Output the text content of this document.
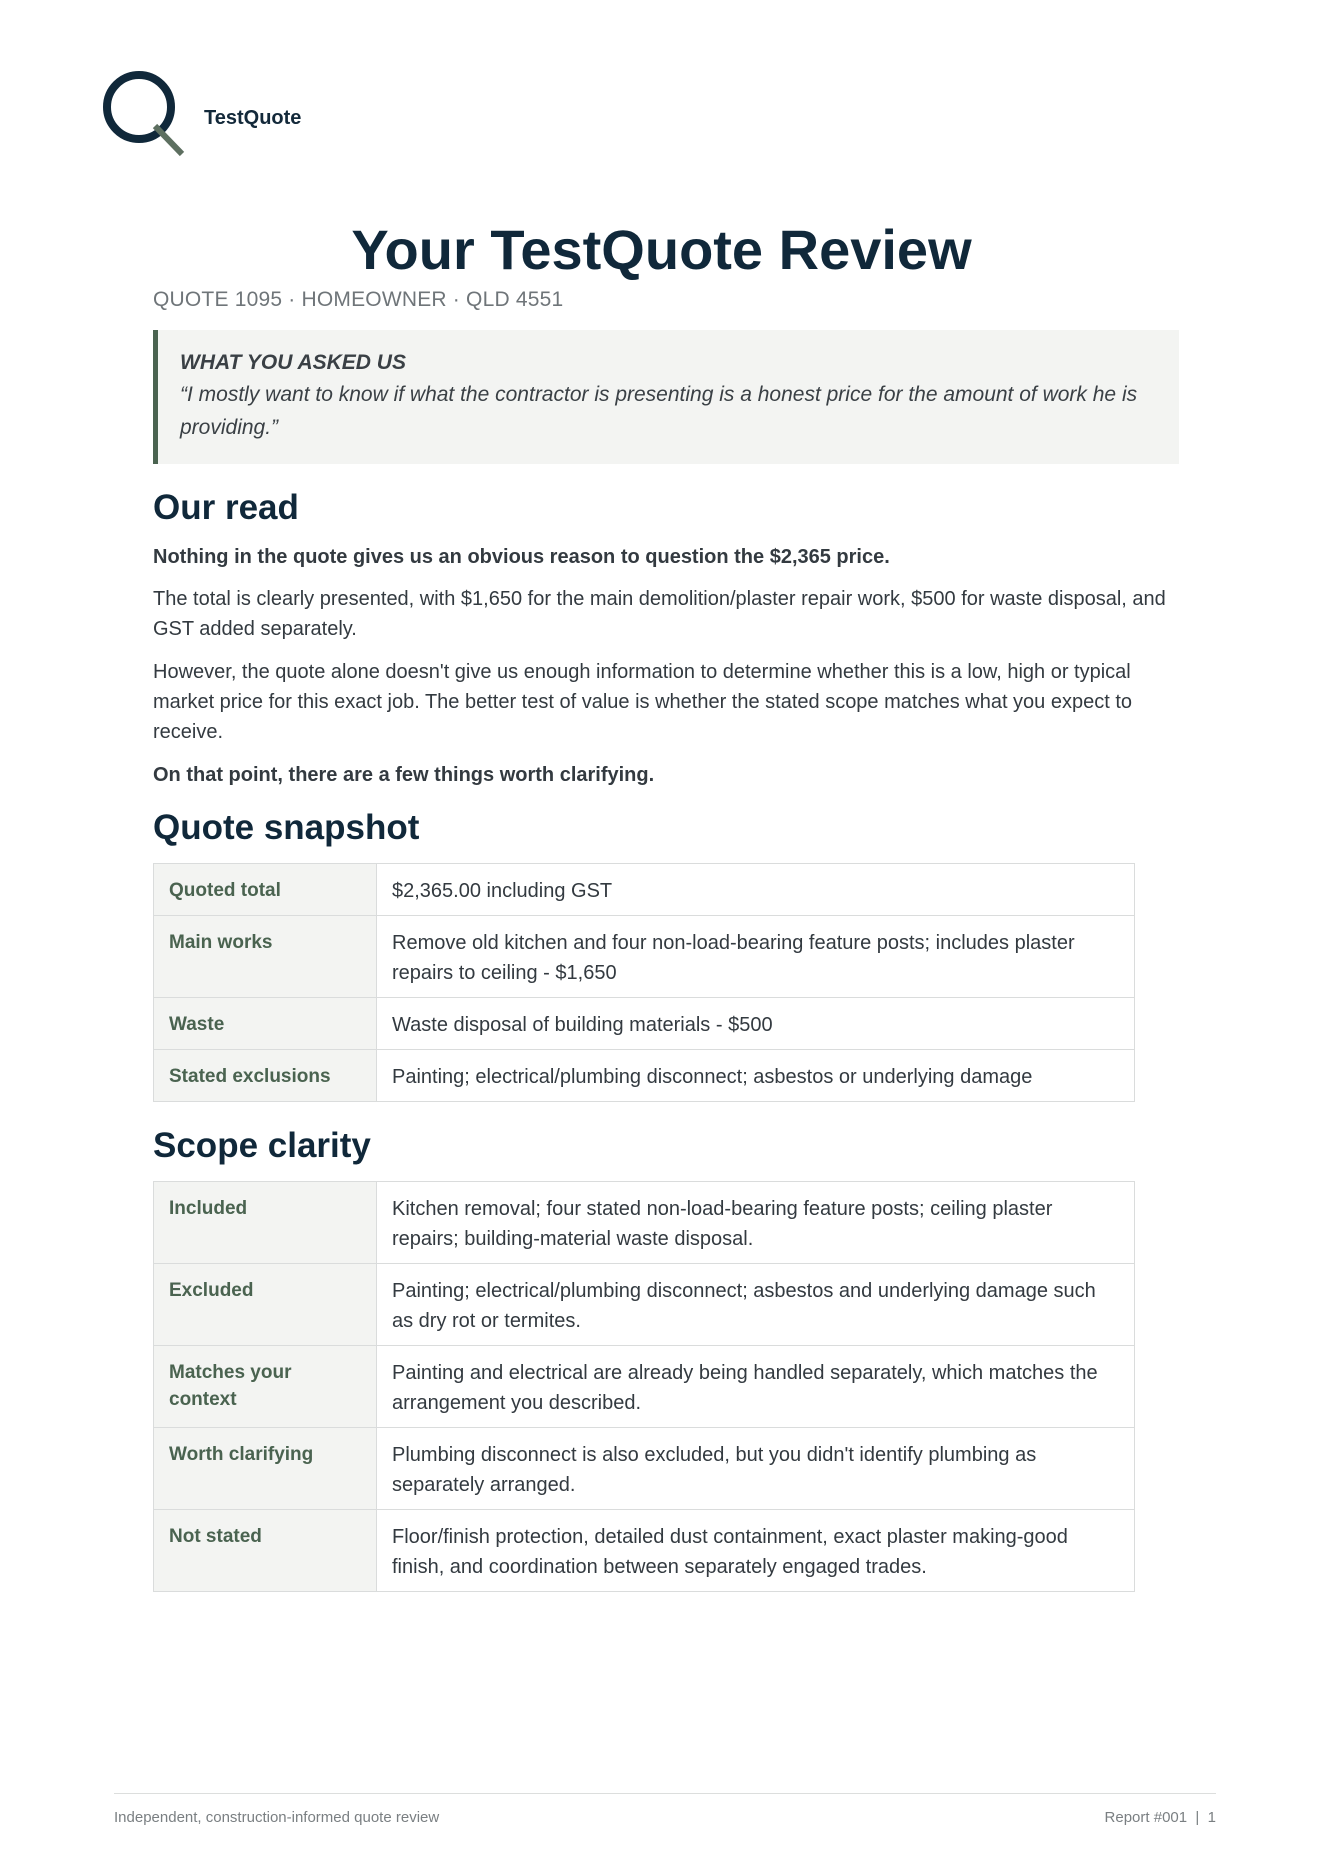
TestQuote
Your TestQuote Review
QUOTE 1095 · HOMEOWNER · QLD 4551
WHAT YOU ASKED US
“I mostly want to know if what the contractor is presenting is a honest price for the amount of work he is providing.”
Our read

Nothing in the quote gives us an obvious reason to question the $2,365 price.

The total is clearly presented, with $1,650 for the main demolition/plaster repair work, $500 for waste disposal, and GST added separately.

However, the quote alone doesn't give us enough information to determine whether this is a low, high or typical market price for this exact job. The better test of value is whether the stated scope matches what you expect to receive.

On that point, there are a few things worth clarifying.

Quote snapshot
Quoted total	$2,365.00 including GST
Main works	Remove old kitchen and four non-load-bearing feature posts; includes plaster repairs to ceiling - $1,650
Waste	Waste disposal of building materials - $500
Stated exclusions	Painting; electrical/plumbing disconnect; asbestos or underlying damage
Scope clarity
Included	Kitchen removal; four stated non-load-bearing feature posts; ceiling plaster repairs; building-material waste disposal.
Excluded	Painting; electrical/plumbing disconnect; asbestos and underlying damage such as dry rot or termites.
Matches your context	Painting and electrical are already being handled separately, which matches the arrangement you described.
Worth clarifying	Plumbing disconnect is also excluded, but you didn't identify plumbing as separately arranged.
Not stated	Floor/finish protection, detailed dust containment, exact plaster making-good finish, and coordination between separately engaged trades.
Independent, construction-informed quote review	Report #001  |  1
